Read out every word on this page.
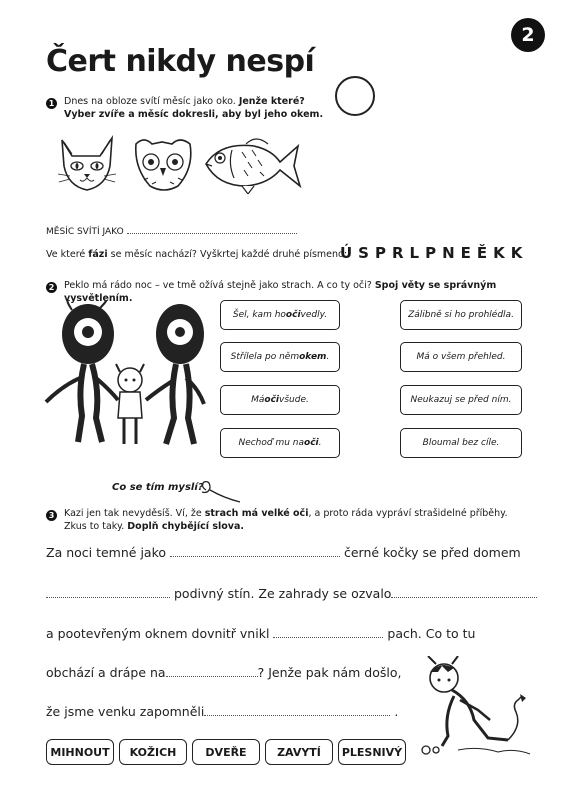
2
Čert nikdy nespí
1 Dnes na obloze svítí měsíc jako oko. Jenže které?
Vyber zvíře a měsíc dokresli, aby byl jeho okem.
MĚSÍC SVÍTÍ JAKO
Ve které fázi se měsíc nachází? Vyškrtej každé druhé písmeno:
ÚSPRLPNEĚKK
2 Peklo má rádo noc – ve tmě ožívá stejně jako strach. A co ty oči? Spoj věty se správným vysvětlením.
Šel, kam ho oči vedly.
Střílela po něm okem .
Má oči všude.
Nechoď mu na oči .
Zálibně si ho prohlédla.
Má o všem přehled.
Neukazuj se před ním.
Bloumal bez cíle.
Co se tím myslí?
3 Kazi jen tak nevyděsíš. Ví, že strach má velké oči, a proto ráda vypráví strašidelné příběhy.
Zkus to taky. Doplň chybějící slova.
Za noci temné jako	černé kočky se před domem
podivný stín. Ze zahrady se ozvalo
a pootevřeným oknem dovnitř vnikl	pach. Co to tu
obchází a drápe na	? Jenže pak nám došlo,
že jsme venku zapomněli	.
MIHNOUT	KOŽICH	DVEŘE	ZAVYTÍ	PLESNIVÝ
